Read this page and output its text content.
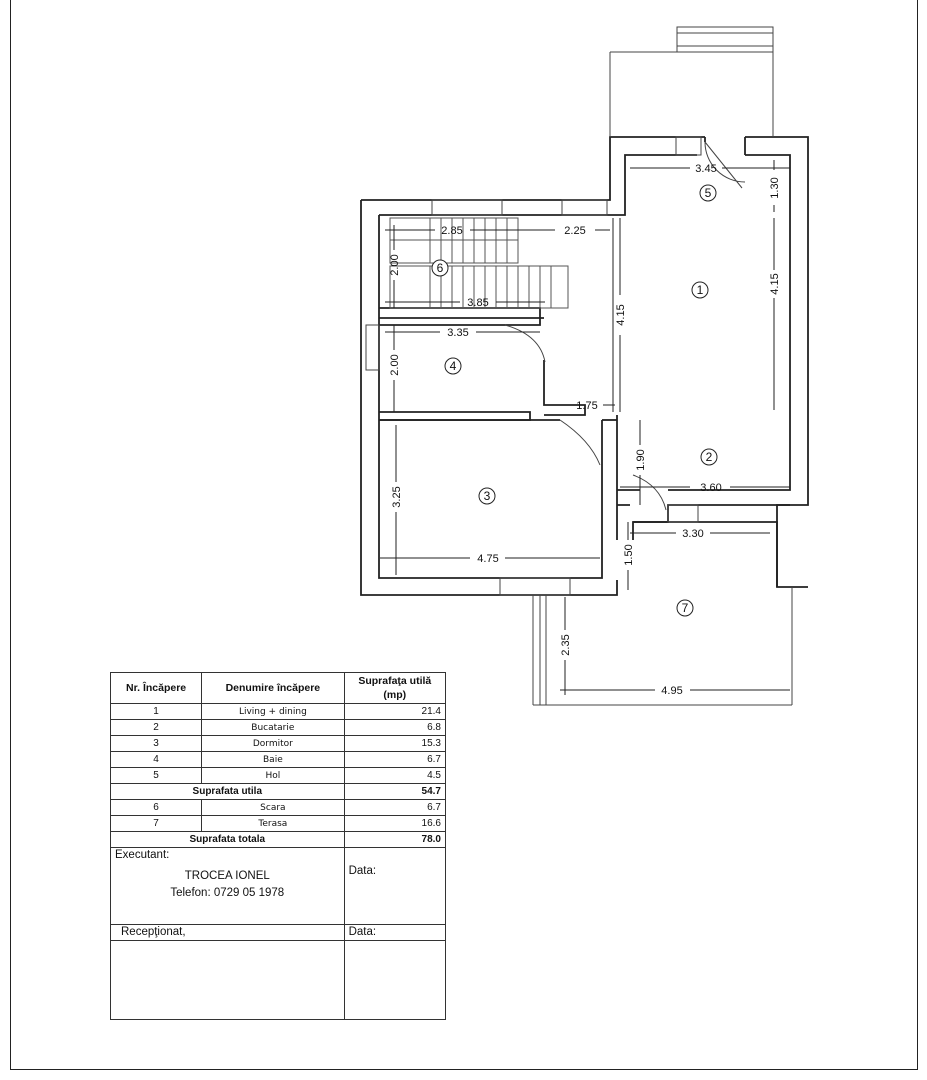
3.45
1.30
2.85	2.25
2.00
3.85
4.15
4.15
3.35
2.00
1.75
1.90
3.60
3.25
3.30
1.50
4.75
2.35
4.95
1
2
3
4
5
6
7
Nr. Încăpere	Denumire încăpere	Suprafaţa utilă (mp)
1	Living + dining	21.4
2	Bucatarie	6.8
3	Dormitor	15.3
4	Baie	6.7
5	Hol	4.5
Suprafata utila		54.7
6	Scara	6.7
7	Terasa	16.6
Suprafata totala		78.0

Executant:
TROCEA IONEL
Telefon: 0729 05 1978		Data:

Recepţionat,		Data:
